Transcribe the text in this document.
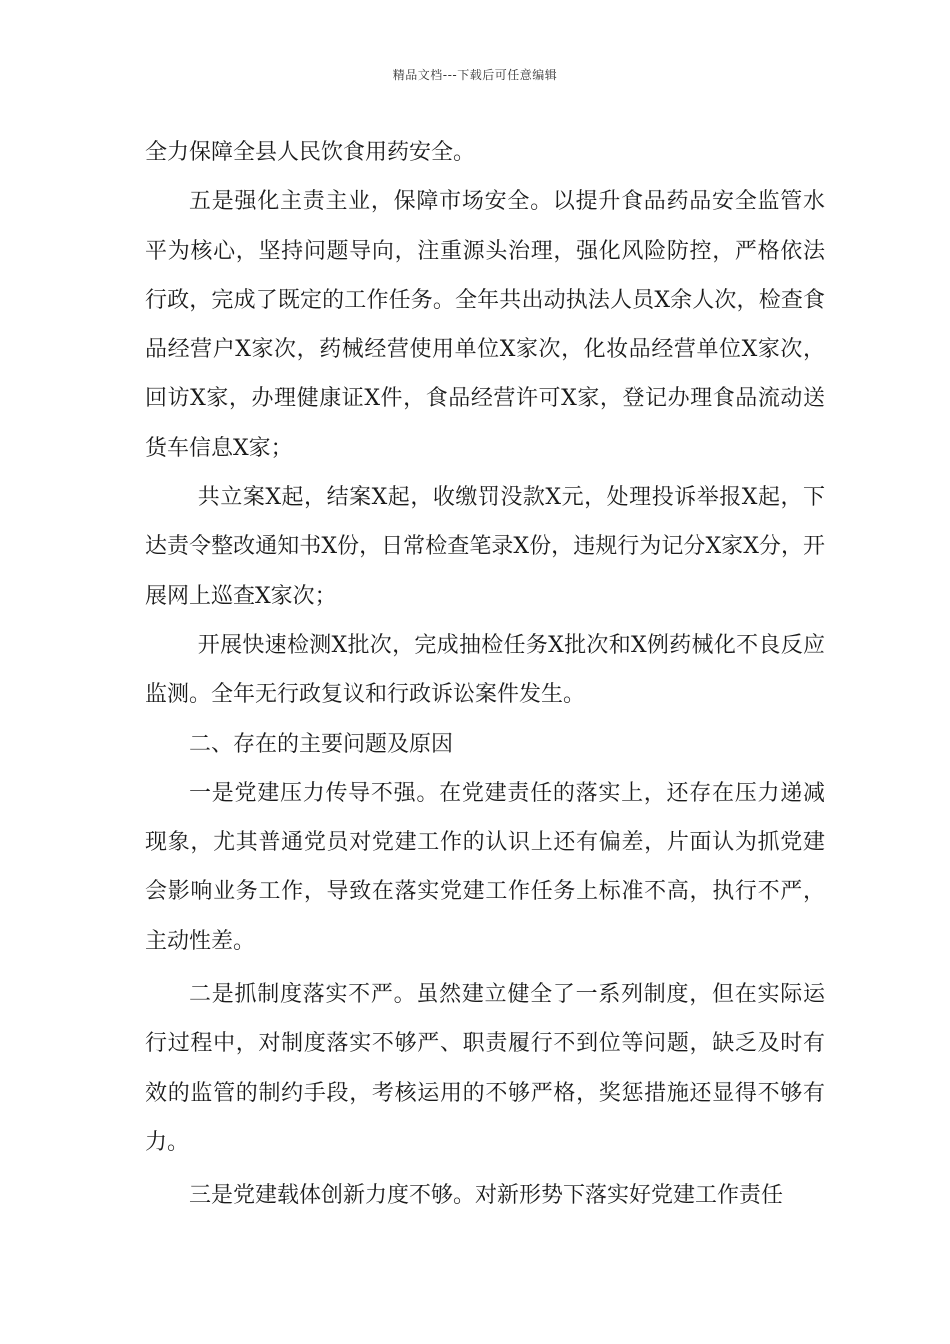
精品文档---下载后可任意编辑

全力保障全县人民饮食用药安全。

五是强化主责主业，保障市场安全。以提升食品药品安全监管水平为核心，坚持问题导向，注重源头治理，强化风险防控，严格依法行政，完成了既定的工作任务。全年共出动执法人员X余人次，检查食品经营户X家次，药械经营使用单位X家次，化妆品经营单位X家次，回访X家，办理健康证X件，食品经营许可X家，登记办理食品流动送货车信息X家；

共立案X起，结案X起，收缴罚没款X元，处理投诉举报X起，下达责令整改通知书X份，日常检查笔录X份，违规行为记分X家X分，开展网上巡查X家次；

开展快速检测X批次，完成抽检任务X批次和X例药械化不良反应监测。全年无行政复议和行政诉讼案件发生。

二、存在的主要问题及原因

一是党建压力传导不强。在党建责任的落实上，还存在压力递减现象，尤其普通党员对党建工作的认识上还有偏差，片面认为抓党建会影响业务工作，导致在落实党建工作任务上标准不高，执行不严，主动性差。

二是抓制度落实不严。虽然建立健全了一系列制度，但在实际运行过程中，对制度落实不够严、职责履行不到位等问题，缺乏及时有效的监管的制约手段，考核运用的不够严格，奖惩措施还显得不够有力。

三是党建载体创新力度不够。对新形势下落实好党建工作责任
